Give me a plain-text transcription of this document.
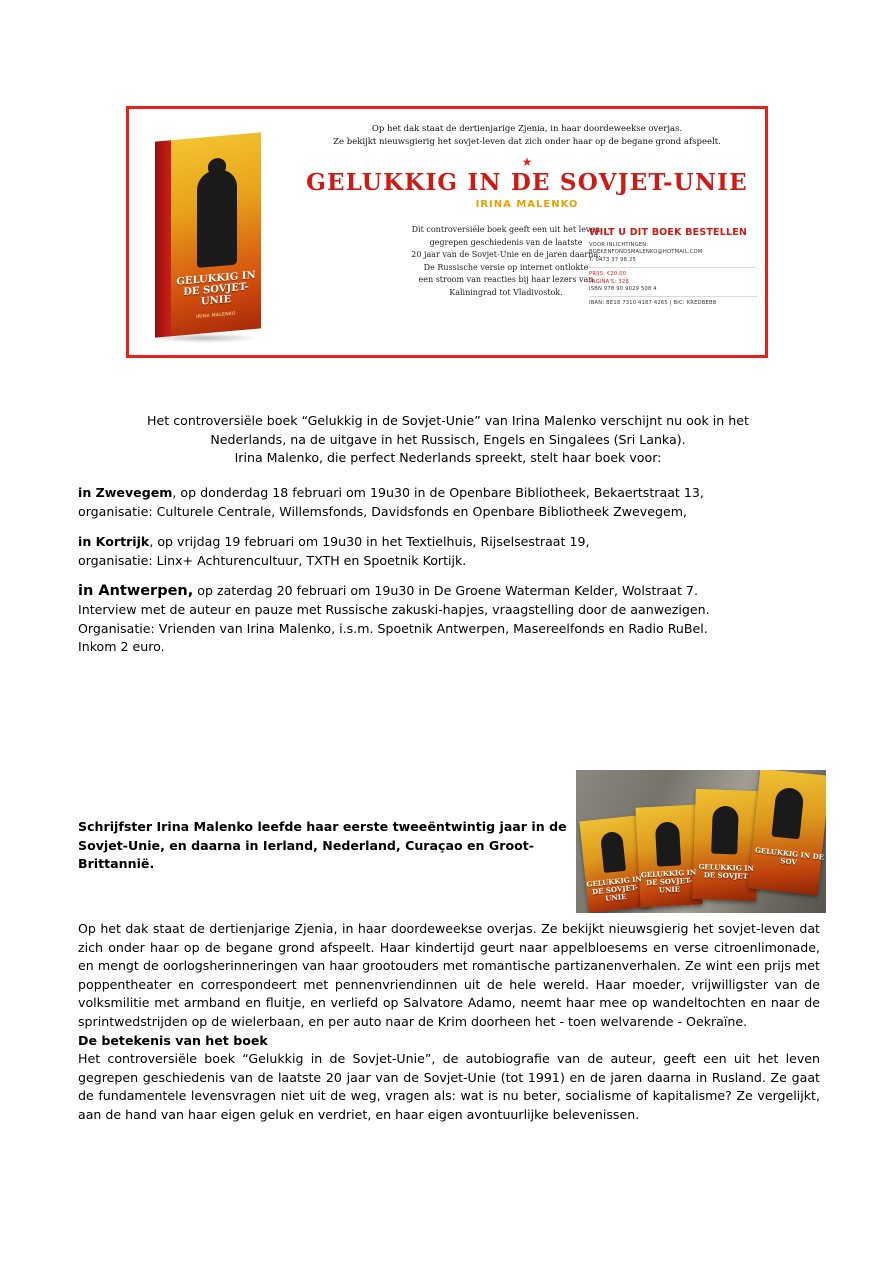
GELUKKIG IN DE SOVJET-UNIE
IRINA MALENKO
Op het dak staat de dertienjarige Zjenia, in haar doordeweekse overjas.
Ze bekijkt nieuwsgierig het sovjet-leven dat zich onder haar op de begane grond afspeelt.
★
GELUKKIG IN DE SOVJET-UNIE
IRINA MALENKO
Dit controversiële boek geeft een uit het leven
gegrepen geschiedenis van de laatste
20 jaar van de Sovjet-Unie en de jaren daarna.
De Russische versie op internet ontlokte
een stroom van reacties bij haar lezers van
Kaliningrad tot Vladivostok.
WILT U DIT BOEK BESTELLEN
VOOR INLICHTINGEN:
BOEKENFONDSMALENKO@HOTMAIL.COM
T. 0473 37 98 25
PRIJS: €20,00
PAGINA'S: 328
ISBN 978 90 9029 508 4
IBAN: BE18 7310 4187 4265 | BIC: KREDBEBB
Het controversiële boek “Gelukkig in de Sovjet-Unie” van Irina Malenko verschijnt nu ook in het
Nederlands, na de uitgave in het Russisch, Engels en Singalees (Sri Lanka).
Irina Malenko, die perfect Nederlands spreekt, stelt haar boek voor:

in Zwevegem, op donderdag 18 februari om 19u30 in de Openbare Bibliotheek, Bekaertstraat 13,

organisatie: Culturele Centrale, Willemsfonds, Davidsfonds en Openbare Bibliotheek Zwevegem,

in Kortrijk, op vrijdag 19 februari om 19u30 in het Textielhuis, Rijselsestraat 19,

organisatie: Linx+ Achturencultuur, TXTH en Spoetnik Kortijk.

in Antwerpen, op zaterdag 20 februari om 19u30 in De Groene Waterman Kelder, Wolstraat 7.

Interview met de auteur en pauze met Russische zakuski-hapjes, vraagstelling door de aanwezigen.

Organisatie: Vrienden van Irina Malenko, i.s.m. Spoetnik Antwerpen, Masereelfonds en Radio RuBel.

Inkom 2 euro.

GELUKKIG IN DE SOVJET-UNIE
GELUKKIG IN DE SOVJET-UNIE
GELUKKIG IN DE SOVJET
GELUKKIG IN DE SOV
Schrijfster Irina Malenko leefde haar eerste tweeëntwintig jaar in de Sovjet-Unie, en daarna in Ierland, Nederland, Curaçao en Groot-Brittannië.

Op het dak staat de dertienjarige Zjenia, in haar doordeweekse overjas. Ze bekijkt nieuwsgierig het sovjet-leven dat zich onder haar op de begane grond afspeelt. Haar kindertijd geurt naar appelbloesems en verse citroenlimonade, en mengt de oorlogsherinneringen van haar grootouders met romantische partizanenverhalen. Ze wint een prijs met poppentheater en correspondeert met pennenvriendinnen uit de hele wereld. Haar moeder, vrijwilligster van de volksmilitie met armband en fluitje, en verliefd op Salvatore Adamo, neemt haar mee op wandeltochten en naar de sprintwedstrijden op de wielerbaan, en per auto naar de Krim doorheen het - toen welvarende - Oekraïne.

De betekenis van het boek

Het controversiële boek “Gelukkig in de Sovjet-Unie”, de autobiografie van de auteur, geeft een uit het leven gegrepen geschiedenis van de laatste 20 jaar van de Sovjet-Unie (tot 1991) en de jaren daarna in Rusland. Ze gaat de fundamentele levensvragen niet uit de weg, vragen als: wat is nu beter, socialisme of kapitalisme? Ze vergelijkt, aan de hand van haar eigen geluk en verdriet, en haar eigen avontuurlijke belevenissen.
